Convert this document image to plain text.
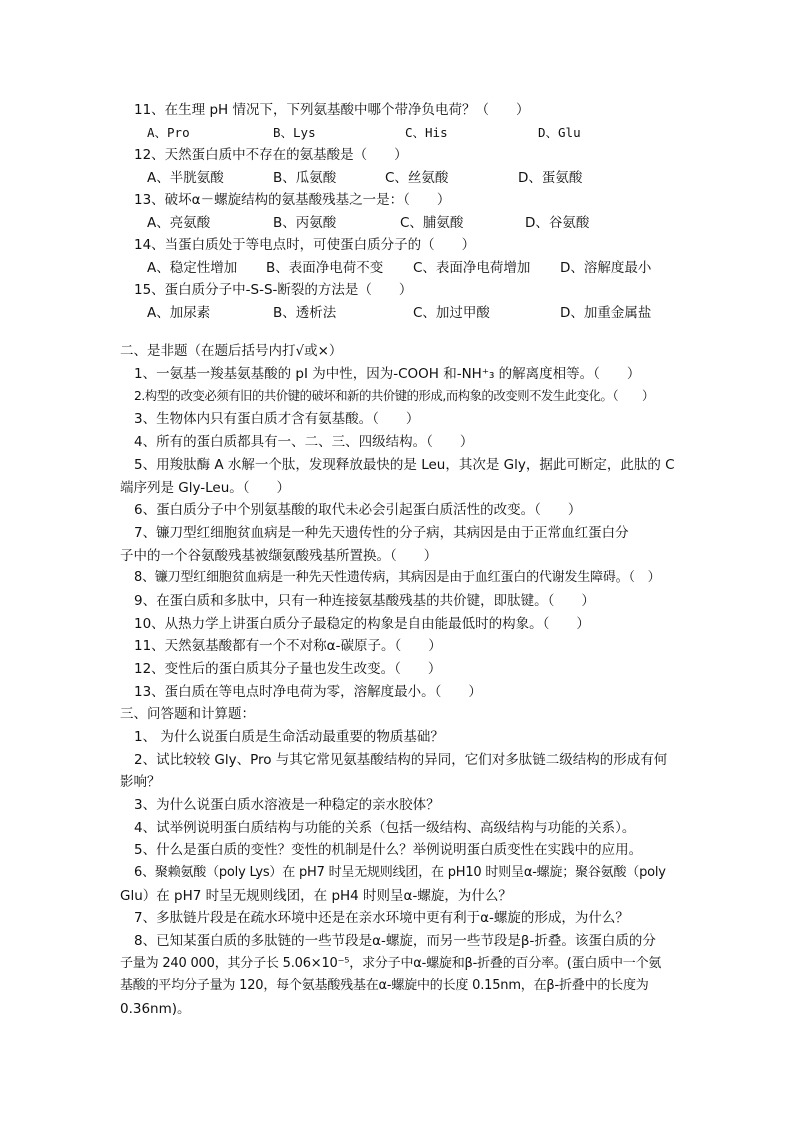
11、在生理 pH 情况下，下列氨基酸中哪个带净负电荷？（　　）
A、Pro	B、Lys	C、His	D、Glu
12、天然蛋白质中不存在的氨基酸是（　　）
A、半胱氨酸	B、瓜氨酸	C、丝氨酸	D、蛋氨酸
13、破坏α－螺旋结构的氨基酸残基之一是：（　　）
A、亮氨酸	B、丙氨酸	C、脯氨酸	D、谷氨酸
14、当蛋白质处于等电点时，可使蛋白质分子的（　　）
A、稳定性增加 B、表面净电荷不变 C、表面净电荷增加 D、溶解度最小
15、蛋白质分子中-S-S-断裂的方法是（　　）
A、加尿素	B、透析法	C、加过甲酸	D、加重金属盐
二、是非题（在题后括号内打√或×）
1、一氨基一羧基氨基酸的 pI 为中性，因为-COOH 和-NH⁺₃ 的解离度相等。（　　）
2.构型的改变必须有旧的共价键的破坏和新的共价键的形成,而构象的改变则不发生此变化。（　　）
3、生物体内只有蛋白质才含有氨基酸。（　　）
4、所有的蛋白质都具有一、二、三、四级结构。（　　）
5、用羧肽酶 A 水解一个肽，发现释放最快的是 Leu，其次是 Gly，据此可断定，此肽的 C
端序列是 Gly-Leu。（　　）
6、蛋白质分子中个别氨基酸的取代未必会引起蛋白质活性的改变。（　　）
7、镰刀型红细胞贫血病是一种先天遗传性的分子病，其病因是由于正常血红蛋白分
子中的一个谷氨酸残基被缬氨酸残基所置换。（　　）
8、镰刀型红细胞贫血病是一种先天性遗传病，其病因是由于血红蛋白的代谢发生障碍。（　）
9、在蛋白质和多肽中，只有一种连接氨基酸残基的共价键，即肽键。（　　）
10、从热力学上讲蛋白质分子最稳定的构象是自由能最低时的构象。（　　）
11、天然氨基酸都有一个不对称α-碳原子。（　　）
12、变性后的蛋白质其分子量也发生改变。（　　）
13、蛋白质在等电点时净电荷为零，溶解度最小。（　　）
三、问答题和计算题：
1、 为什么说蛋白质是生命活动最重要的物质基础？
2、试比较较 Gly、Pro 与其它常见氨基酸结构的异同，它们对多肽链二级结构的形成有何
影响？
3、为什么说蛋白质水溶液是一种稳定的亲水胶体？
4、试举例说明蛋白质结构与功能的关系（包括一级结构、高级结构与功能的关系）。
5、什么是蛋白质的变性？变性的机制是什么？举例说明蛋白质变性在实践中的应用。
6、聚赖氨酸（poly Lys）在 pH7 时呈无规则线团，在 pH10 时则呈α-螺旋；聚谷氨酸（poly
Glu）在 pH7 时呈无规则线团，在 pH4 时则呈α-螺旋，为什么？
7、多肽链片段是在疏水环境中还是在亲水环境中更有利于α-螺旋的形成，为什么？
8、已知某蛋白质的多肽链的一些节段是α-螺旋，而另一些节段是β-折叠。该蛋白质的分
子量为 240 000，其分子长 5.06×10⁻⁵，求分子中α-螺旋和β-折叠的百分率。(蛋白质中一个氨
基酸的平均分子量为 120，每个氨基酸残基在α-螺旋中的长度 0.15nm，在β-折叠中的长度为
0.36nm)。
